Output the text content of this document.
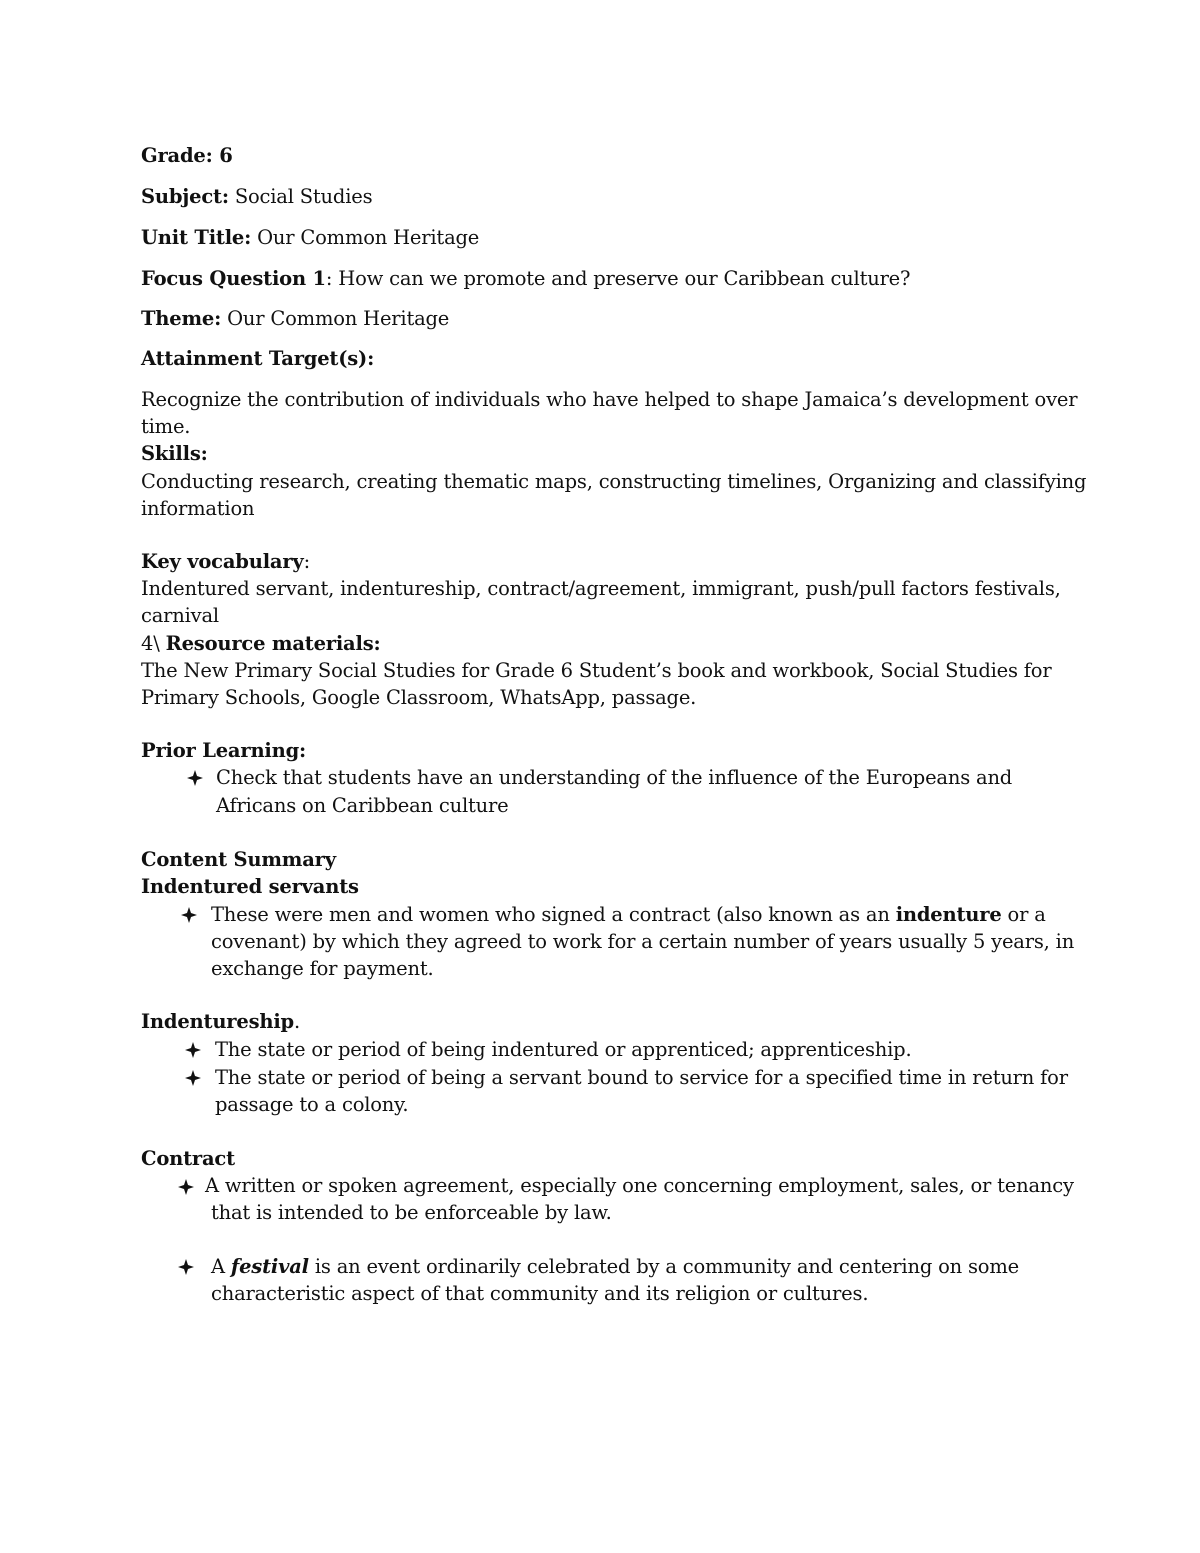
Grade: 6
Subject: Social Studies
Unit Title: Our Common Heritage
Focus Question 1: How can we promote and preserve our Caribbean culture?
Theme: Our Common Heritage
Attainment Target(s):
Recognize the contribution of individuals who have helped to shape Jamaica’s development over
time.
Skills:
Conducting research, creating thematic maps, constructing timelines, Organizing and classifying
information
Key vocabulary:
Indentured servant, indentureship, contract/agreement, immigrant, push/pull factors festivals,
carnival
4\ Resource materials:
The New Primary Social Studies for Grade 6 Student’s book and workbook, Social Studies for
Primary Schools, Google Classroom, WhatsApp, passage.
Prior Learning:
Check that students have an understanding of the influence of the Europeans and
Africans on Caribbean culture
Content Summary
Indentured servants
These were men and women who signed a contract (also known as an indenture or a
covenant) by which they agreed to work for a certain number of years usually 5 years, in
exchange for payment.
Indentureship.
The state or period of being indentured or apprenticed; apprenticeship.
The state or period of being a servant bound to service for a specified time in return for
passage to a colony.
Contract
A written or spoken agreement, especially one concerning employment, sales, or tenancy
that is intended to be enforceable by law.
A festival is an event ordinarily celebrated by a community and centering on some
characteristic aspect of that community and its religion or cultures.
